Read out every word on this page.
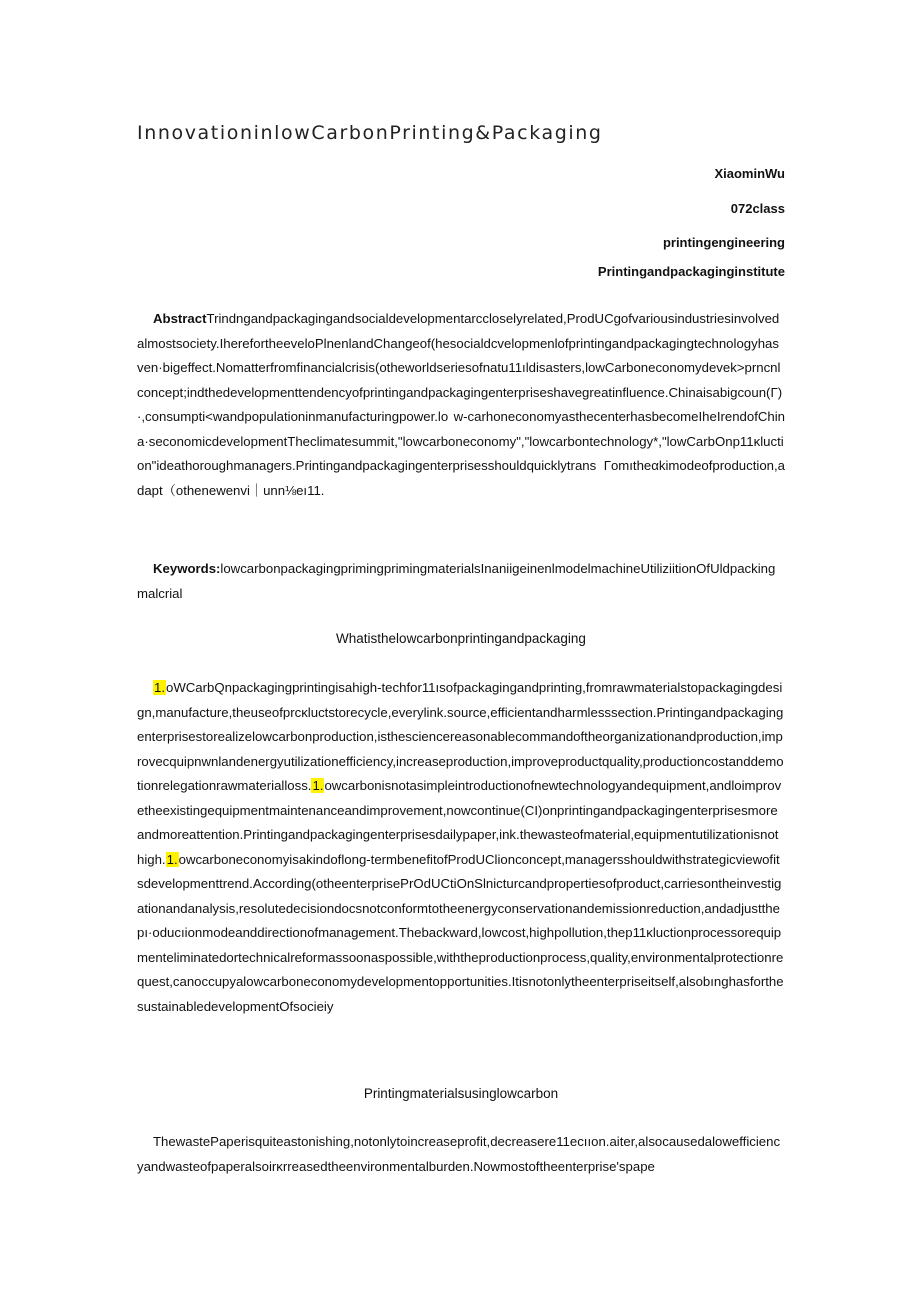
InnovationinlowCarbonPrinting&Packaging
XiaominWu
072class
printingengineering
Printingandpackaginginstitute
AbstractTrindngandpackagingandsocialdevelopmentarccloselyrelated,ProdUCgofvariousindustriesinvolvedalmostsociety.IherefortheeveloPlnenlandChangeof(hesocialdcvelopmenlofprintingandpackagingtechnologyhasven·bigeffect.Nomatterfromfinancialcrisis(otheworldseriesofnatu11ıldisasters,lowCarboneconomydevek>prncnlconcept;indthedevelopmenttendencyofprintingandpackagingenterpriseshavegreatinfluence.Chinaisabigcoun(Γ)·,consumpti<wandpopulationinmanufacturingpower.lo w-carhoneconomyasthecenterhasbecomeIheIrendofChina·seconomicdevelopmentTheclimatesummit,"lowcarboneconomy","lowcarbontechnology*,"lowCarbOnp11κluction"ideathoroughmanagers.Printingandpackagingenterprisesshouldquicklytrans Γomıtheαkimodeofproduction,adapt（othenewenvi｜unn⅛eı11.
Keywords:lowcarbonpackagingprimingprimingmaterialsInaniigeinenlmodelmachineUtiliziitionOfUldpackingmalcrial
Whatisthelowcarbonprintingandpackaging
1.oWCarbQnpackagingprintingisahigh-techfor11ısofpackagingandprinting,fromrawmaterialstopackagingdesign,manufacture,theuseofprcκluctstorecycle,everylink.source,efficientandharmlesssection.Printingandpackagingenterprisestorealizelowcarbonproduction,isthesciencereasonablecommandoftheorganizationandproduction,improvecquipnwnlandenergyutilizationefficiency,increaseproduction,improveproductquality,productioncostanddemotionrelegationrawmaterialloss.1.owcarbonisnotasimpleintroductionofnewtechnologyandequipment,andloimprovetheexistingequipmentmaintenanceandimprovement,nowcontinue(CI)onprintingandpackagingenterprisesmoreandmoreattention.Printingandpackagingenterprisesdailypaper,ink.thewasteofmaterial,equipmentutilizationisnothigh.1.owcarboneconomyisakindoflong-termbenefitofProdUClionconcept,managersshouldwithstrategicviewofitsdevelopmenttrend.According(otheenterprisePrOdUCtiOnSlnicturcandpropertiesofproduct,carriesontheinvestigationandanalysis,resolutedecisiondocsnotconformtotheenergyconservationandemissionreduction,andadjustthepı·oducıionmodeanddirectionofmanagement.Thebackward,lowcost,highpollution,thep11κluctionprocessorequipmenteliminatedortechnicalreformassoonaspossible,withtheproductionprocess,quality,environmentalprotectionrequest,canoccupyalowcarboneconomydevelopmentopportunities.Itisnotonlytheenterpriseitself,alsobınghasforthesustainabledevelopmentOfsocieiy
Printingmaterialsusinglowcarbon
ThewastePaperisquiteastonishing,notonlytoincreaseprofit,decreasere11ecııon.aiter,alsocausedalowefficiencyandwasteofpaperalsoirκrreasedtheenvironmentalburden.Nowmostoftheenterprise'spape
